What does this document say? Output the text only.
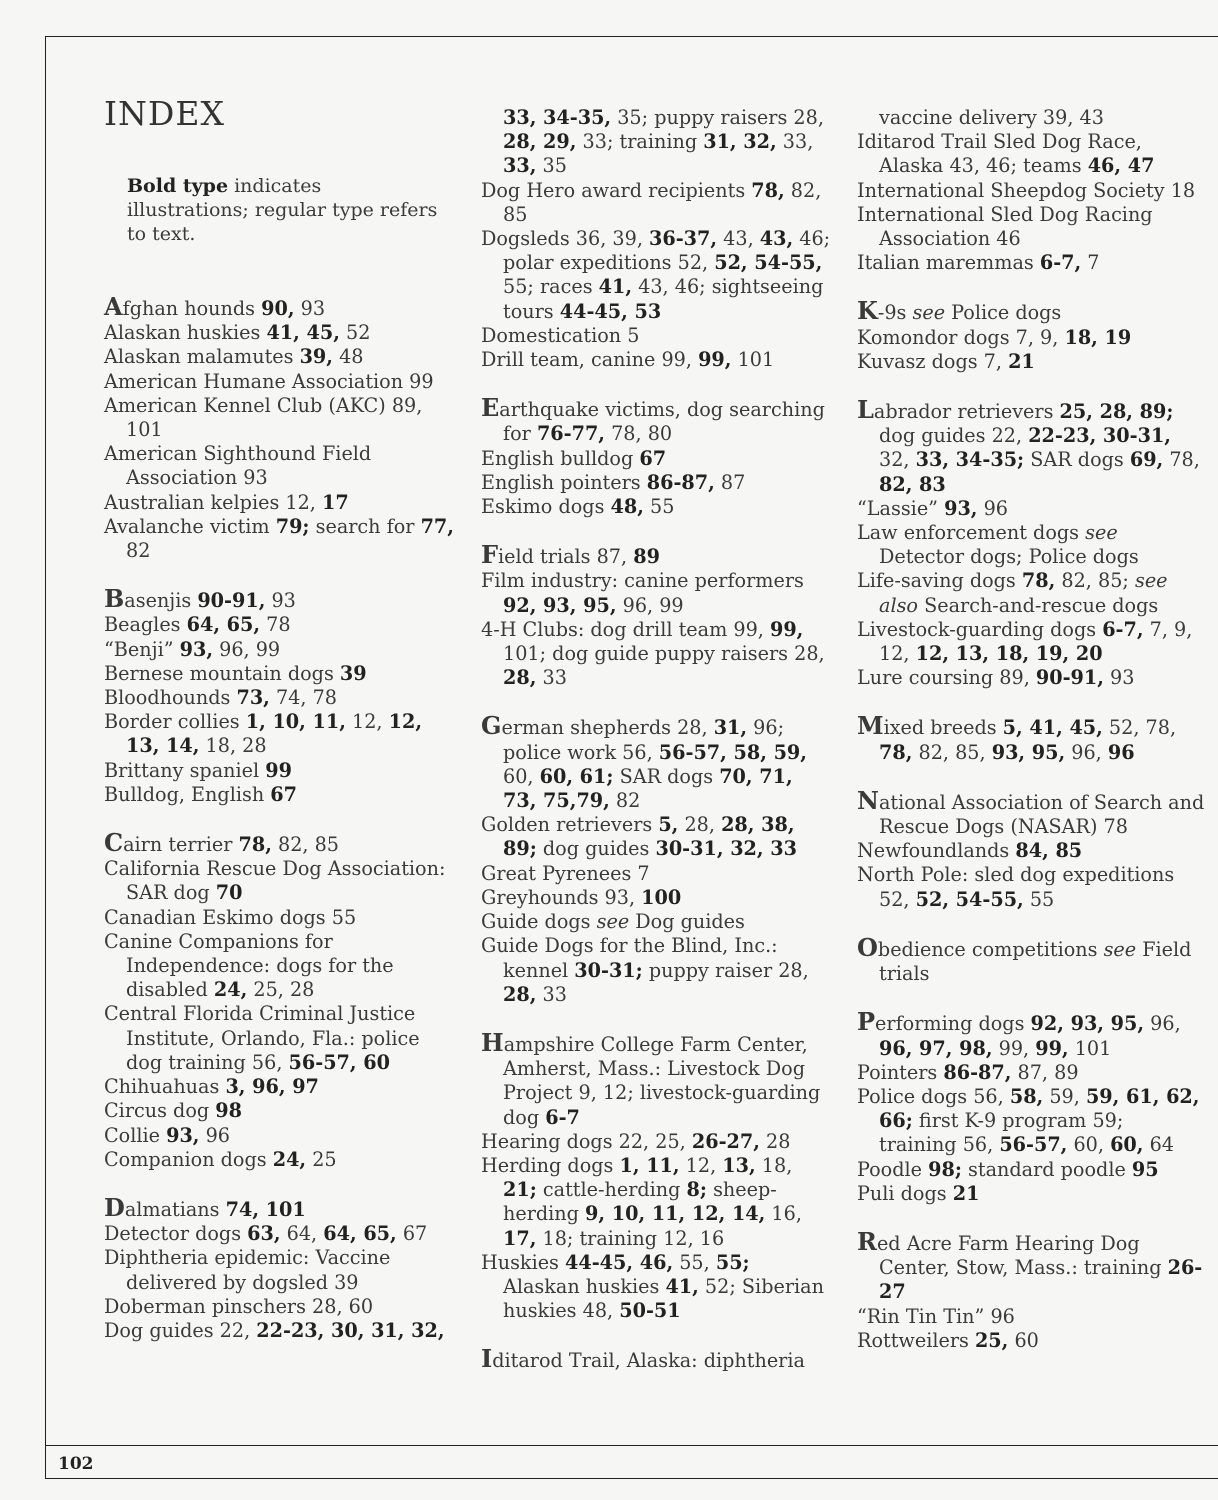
INDEX
Bold type indicates illustrations; regular type refers to text.
Afghan hounds 90, 93
Alaskan huskies 41, 45, 52
Alaskan malamutes 39, 48
American Humane Association 99
American Kennel Club (AKC) 89, 101
American Sighthound Field Association 93
Australian kelpies 12, 17
Avalanche victim 79; search for 77, 82
Basenjis 90-91, 93
Beagles 64, 65, 78
“Benji” 93, 96, 99
Bernese mountain dogs 39
Bloodhounds 73, 74, 78
Border collies 1, 10, 11, 12, 12, 13, 14, 18, 28
Brittany spaniel 99
Bulldog, English 67
Cairn terrier 78, 82, 85
California Rescue Dog Association: SAR dog 70
Canadian Eskimo dogs 55
Canine Companions for Independence: dogs for the disabled 24, 25, 28
Central Florida Criminal Justice Institute, Orlando, Fla.: police dog training 56, 56-57, 60
Chihuahuas 3, 96, 97
Circus dog 98
Collie 93, 96
Companion dogs 24, 25
Dalmatians 74, 101
Detector dogs 63, 64, 64, 65, 67
Diphtheria epidemic: Vaccine delivered by dogsled 39
Doberman pinschers 28, 60
Dog guides 22, 22-23, 30, 31, 32,
33, 34-35, 35; puppy raisers 28, 28, 29, 33; training 31, 32, 33, 33, 35
Dog Hero award recipients 78, 82, 85
Dogsleds 36, 39, 36-37, 43, 43, 46; polar expeditions 52, 52, 54-55, 55; races 41, 43, 46; sightseeing tours 44-45, 53
Domestication 5
Drill team, canine 99, 99, 101
Earthquake victims, dog searching for 76-77, 78, 80
English bulldog 67
English pointers 86-87, 87
Eskimo dogs 48, 55
Field trials 87, 89
Film industry: canine performers 92, 93, 95, 96, 99
4-H Clubs: dog drill team 99, 99, 101; dog guide puppy raisers 28, 28, 33
German shepherds 28, 31, 96; police work 56, 56-57, 58, 59, 60, 60, 61; SAR dogs 70, 71, 73, 75,79, 82
Golden retrievers 5, 28, 28, 38, 89; dog guides 30-31, 32, 33
Great Pyrenees 7
Greyhounds 93, 100
Guide dogs see Dog guides
Guide Dogs for the Blind, Inc.: kennel 30-31; puppy raiser 28, 28, 33
Hampshire College Farm Center, Amherst, Mass.: Livestock Dog Project 9, 12; livestock-guarding dog 6-7
Hearing dogs 22, 25, 26-27, 28
Herding dogs 1, 11, 12, 13, 18, 21; cattle-herding 8; sheep-herding 9, 10, 11, 12, 14, 16, 17, 18; training 12, 16
Huskies 44-45, 46, 55, 55; Alaskan huskies 41, 52; Siberian huskies 48, 50-51
Iditarod Trail, Alaska: diphtheria
vaccine delivery 39, 43
Iditarod Trail Sled Dog Race, Alaska 43, 46; teams 46, 47
International Sheepdog Society 18
International Sled Dog Racing Association 46
Italian maremmas 6-7, 7
K-9s see Police dogs
Komondor dogs 7, 9, 18, 19
Kuvasz dogs 7, 21
Labrador retrievers 25, 28, 89; dog guides 22, 22-23, 30-31, 32, 33, 34-35; SAR dogs 69, 78, 82, 83
“Lassie” 93, 96
Law enforcement dogs see Detector dogs; Police dogs
Life-saving dogs 78, 82, 85; see also Search-and-rescue dogs
Livestock-guarding dogs 6-7, 7, 9, 12, 12, 13, 18, 19, 20
Lure coursing 89, 90-91, 93
Mixed breeds 5, 41, 45, 52, 78, 78, 82, 85, 93, 95, 96, 96
National Association of Search and Rescue Dogs (NASAR) 78
Newfoundlands 84, 85
North Pole: sled dog expeditions 52, 52, 54-55, 55
Obedience competitions see Field trials
Performing dogs 92, 93, 95, 96, 96, 97, 98, 99, 99, 101
Pointers 86-87, 87, 89
Police dogs 56, 58, 59, 59, 61, 62, 66; first K-9 program 59; training 56, 56-57, 60, 60, 64
Poodle 98; standard poodle 95
Puli dogs 21
Red Acre Farm Hearing Dog Center, Stow, Mass.: training 26-27
“Rin Tin Tin” 96
Rottweilers 25, 60
102
